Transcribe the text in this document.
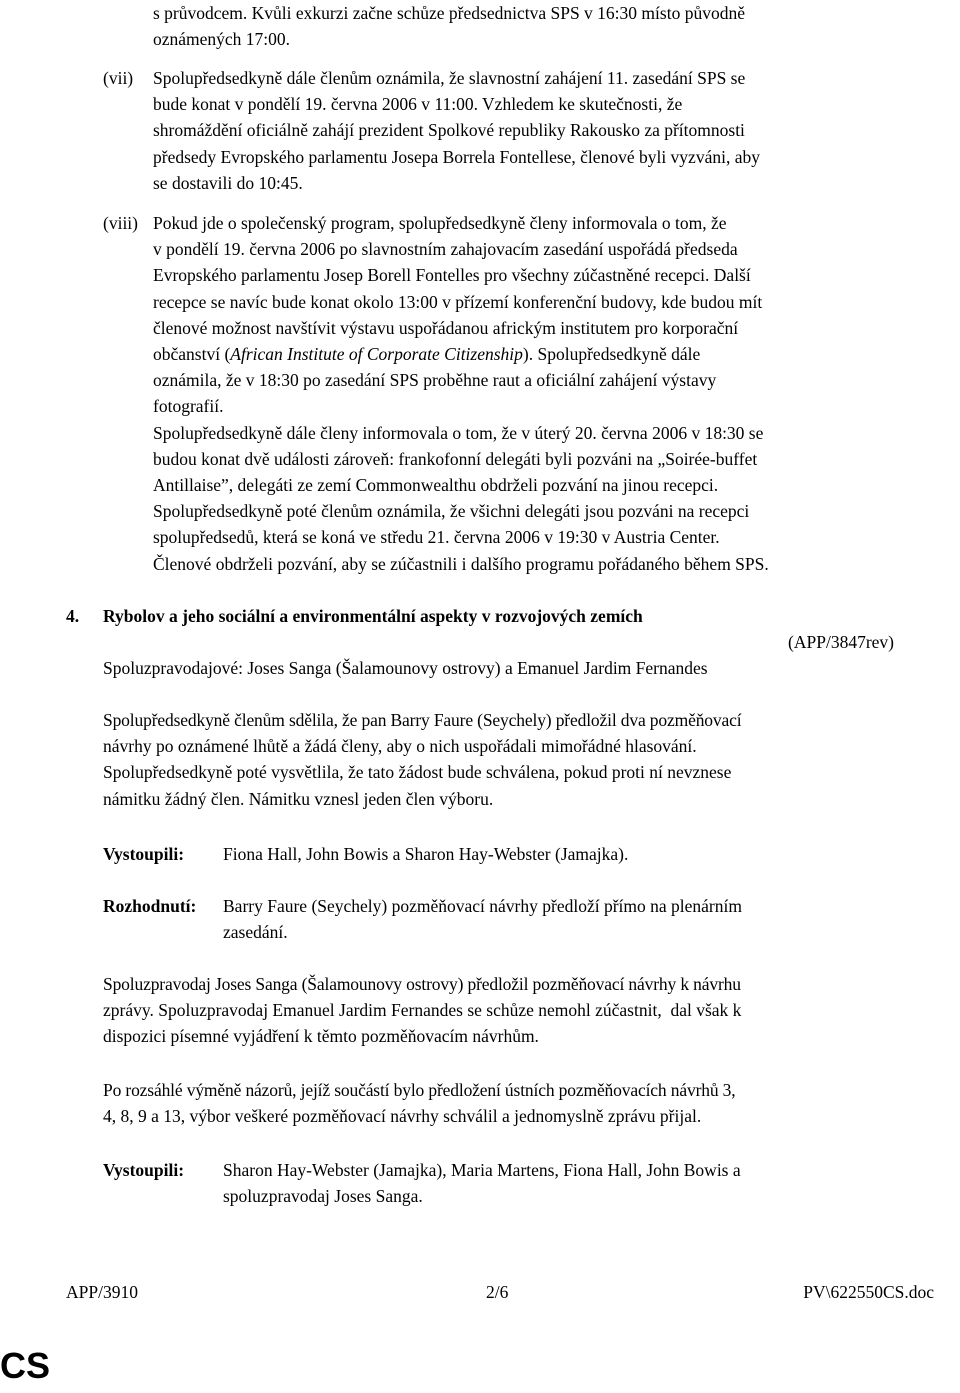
s průvodcem. Kvůli exkurzi začne schůze předsednictva SPS v 16:30 místo původně
oznámených 17:00.
(vii) Spolupředsedkyně dále členům oznámila, že slavnostní zahájení 11. zasedání SPS se
bude konat v pondělí 19. června 2006 v 11:00. Vzhledem ke skutečnosti, že
shromáždění oficiálně zahájí prezident Spolkové republiky Rakousko za přítomnosti
předsedy Evropského parlamentu Josepa Borrela Fontellese, členové byli vyzváni, aby
se dostavili do 10:45.
(viii) Pokud jde o společenský program, spolupředsedkyně členy informovala o tom, že
v pondělí 19. června 2006 po slavnostním zahajovacím zasedání uspořádá předseda
Evropského parlamentu Josep Borell Fontelles pro všechny zúčastněné recepci. Další
recepce se navíc bude konat okolo 13:00 v přízemí konferenční budovy, kde budou mít
členové možnost navštívit výstavu uspořádanou africkým institutem pro korporační
občanství (African Institute of Corporate Citizenship). Spolupředsedkyně dále
oznámila, že v 18:30 po zasedání SPS proběhne raut a oficiální zahájení výstavy
fotografií.
Spolupředsedkyně dále členy informovala o tom, že v úterý 20. června 2006 v 18:30 se
budou konat dvě události zároveň: frankofonní delegáti byli pozváni na „Soirée-buffet
Antillaise”, delegáti ze zemí Commonwealthu obdrželi pozvání na jinou recepci.
Spolupředsedkyně poté členům oznámila, že všichni delegáti jsou pozváni na recepci
spolupředsedů, která se koná ve středu 21. června 2006 v 19:30 v Austria Center.
Členové obdrželi pozvání, aby se zúčastnili i dalšího programu pořádaného během SPS.
4. Rybolov a jeho sociální a environmentální aspekty v rozvojových zemích
(APP/3847rev)
Spoluzpravodajové: Joses Sanga (Šalamounovy ostrovy) a Emanuel Jardim Fernandes
Spolupředsedkyně členům sdělila, že pan Barry Faure (Seychely) předložil dva pozměňovací
návrhy po oznámené lhůtě a žádá členy, aby o nich uspořádali mimořádné hlasování.
Spolupředsedkyně poté vysvětlila, že tato žádost bude schválena, pokud proti ní nevznese
námitku žádný člen. Námitku vznesl jeden člen výboru.
Vystoupili: Fiona Hall, John Bowis a Sharon Hay-Webster (Jamajka).
Rozhodnutí: Barry Faure (Seychely) pozměňovací návrhy předloží přímo na plenárním
zasedání.
Spoluzpravodaj Joses Sanga (Šalamounovy ostrovy) předložil pozměňovací návrhy k návrhu
zprávy. Spoluzpravodaj Emanuel Jardim Fernandes se schůze nemohl zúčastnit,  dal však k
dispozici písemné vyjádření k těmto pozměňovacím návrhům.
Po rozsáhlé výměně názorů, jejíž součástí bylo předložení ústních pozměňovacích návrhů 3,
4, 8, 9 a 13, výbor veškeré pozměňovací návrhy schválil a jednomyslně zprávu přijal.
Vystoupili: Sharon Hay-Webster (Jamajka), Maria Martens, Fiona Hall, John Bowis a
spoluzpravodaj Joses Sanga.
APP/3910	2/6	PV\622550CS.doc
CS
